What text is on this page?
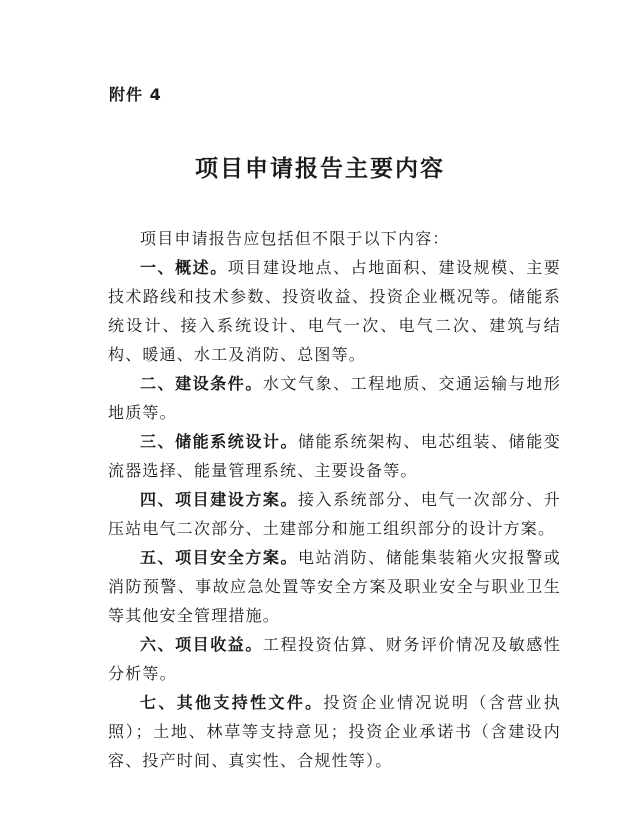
附件 4
项目申请报告主要内容

项目申请报告应包括但不限于以下内容：

一、概述。项目建设地点、占地面积、建设规模、主要技术路线和技术参数、投资收益、投资企业概况等。储能系统设计、接入系统设计、电气一次、电气二次、建筑与结构、暖通、水工及消防、总图等。

二、建设条件。水文气象、工程地质、交通运输与地形地质等。

三、储能系统设计。储能系统架构、电芯组装、储能变流器选择、能量管理系统、主要设备等。

四、项目建设方案。接入系统部分、电气一次部分、升压站电气二次部分、土建部分和施工组织部分的设计方案。

五、项目安全方案。电站消防、储能集装箱火灾报警或消防预警、事故应急处置等安全方案及职业安全与职业卫生等其他安全管理措施。

六、项目收益。工程投资估算、财务评价情况及敏感性分析等。

七、其他支持性文件。投资企业情况说明（含营业执照）；土地、林草等支持意见；投资企业承诺书（含建设内容、投产时间、真实性、合规性等）。
